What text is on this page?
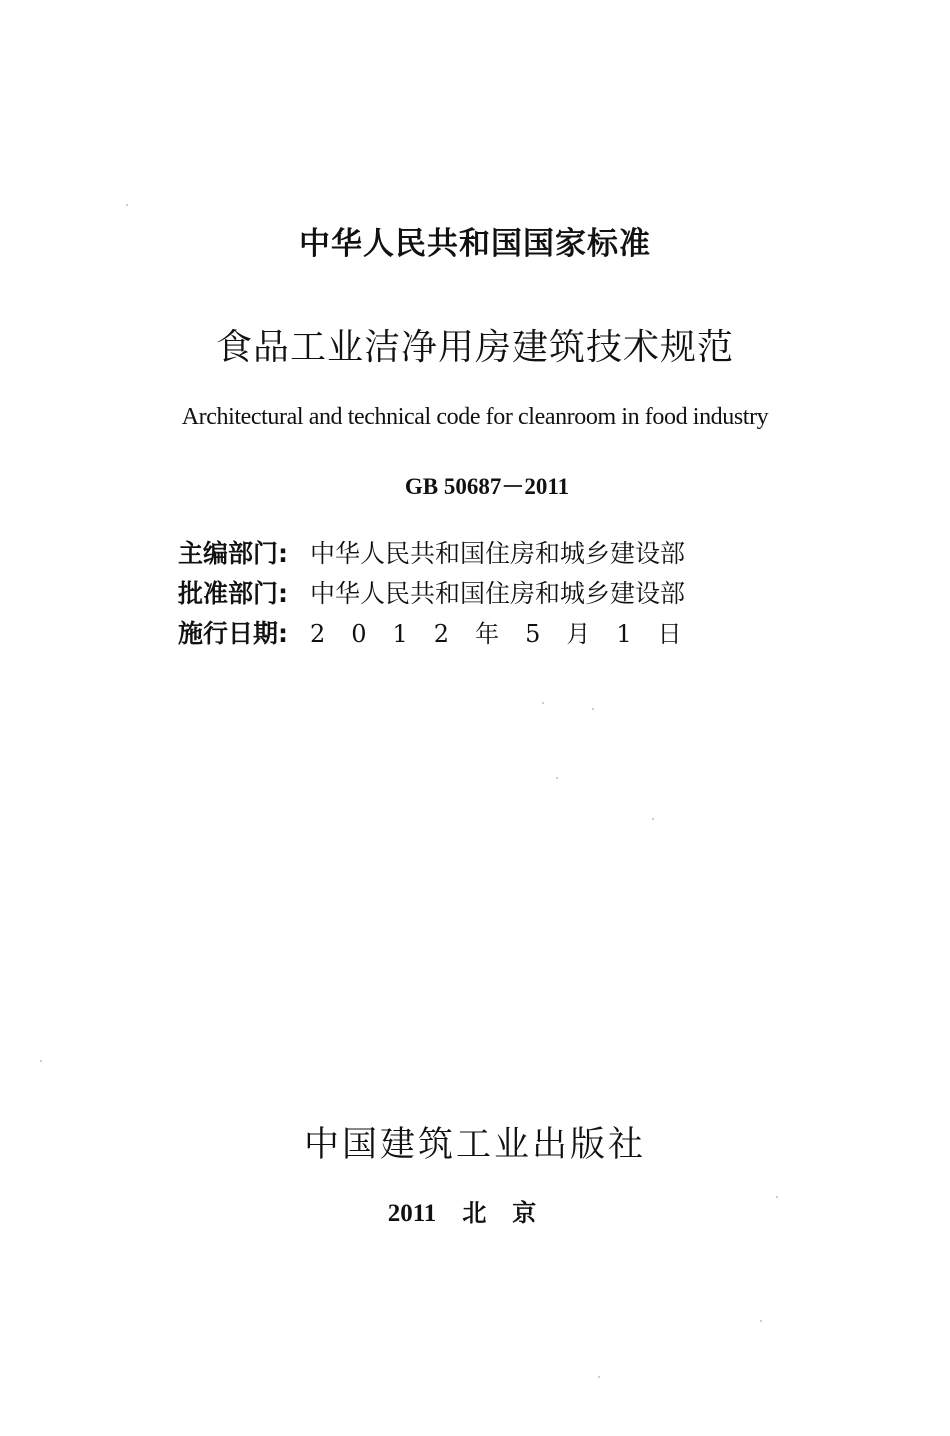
中华人民共和国国家标准
食品工业洁净用房建筑技术规范
Architectural and technical code for cleanroom in food industry
GB 50687－2011
主编部门: 中华人民共和国住房和城乡建设部
批准部门: 中华人民共和国住房和城乡建设部
施行日期: 2012年5月1日
中国建筑工业出版社
2011 北京
